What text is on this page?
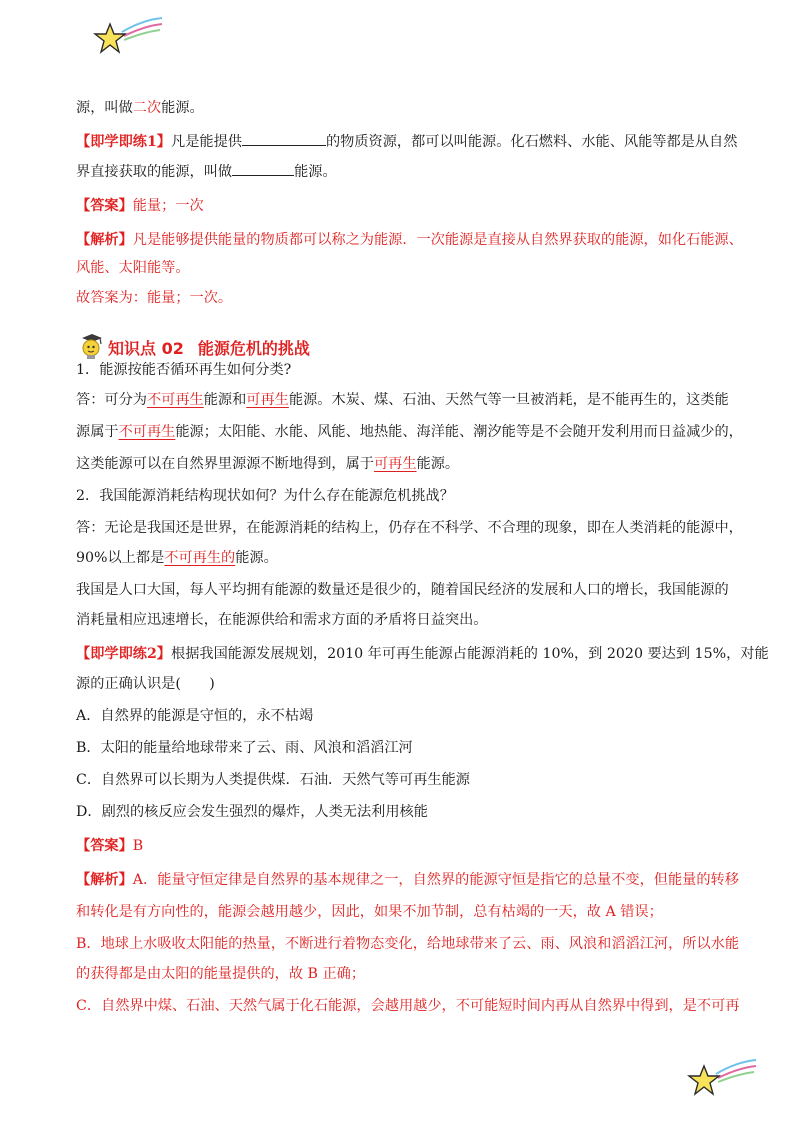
源，叫做二次能源。
【即学即练1】凡是能提供	的物质资源，都可以叫能源。化石燃料、水能、风能等都是从自然
界直接获取的能源，叫做	能源。
【答案】能量；一次
【解析】凡是能够提供能量的物质都可以称之为能源．一次能源是直接从自然界获取的能源，如化石能源、
风能、太阳能等。
故答案为：能量；一次。
知识点 02 能源危机的挑战
1．能源按能否循环再生如何分类?
答：可分为不可再生能源和可再生能源。木炭、煤、石油、天然气等一旦被消耗，是不能再生的，这类能
源属于不可再生能源；太阳能、水能、风能、地热能、海洋能、潮汐能等是不会随开发利用而日益减少的，
这类能源可以在自然界里源源不断地得到，属于可再生能源。
2．我国能源消耗结构现状如何？为什么存在能源危机挑战？
答：无论是我国还是世界，在能源消耗的结构上，仍存在不科学、不合理的现象，即在人类消耗的能源中，
90%以上都是不可再生的能源。
我国是人口大国，每人平均拥有能源的数量还是很少的，随着国民经济的发展和人口的增长，我国能源的
消耗量相应迅速增长，在能源供给和需求方面的矛盾将日益突出。
【即学即练2】根据我国能源发展规划，2010 年可再生能源占能源消耗的 10%，到 2020 要达到 15%，对能
源的正确认识是(　　)
A．自然界的能源是守恒的，永不枯竭
B．太阳的能量给地球带来了云、雨、风浪和滔滔江河
C．自然界可以长期为人类提供煤．石油．天然气等可再生能源
D．剧烈的核反应会发生强烈的爆炸，人类无法利用核能
【答案】B
【解析】A．能量守恒定律是自然界的基本规律之一，自然界的能源守恒是指它的总量不变，但能量的转移
和转化是有方向性的，能源会越用越少，因此，如果不加节制，总有枯竭的一天，故 A 错误；
B．地球上水吸收太阳能的热量，不断进行着物态变化，给地球带来了云、雨、风浪和滔滔江河，所以水能
的获得都是由太阳的能量提供的，故 B 正确；
C．自然界中煤、石油、天然气属于化石能源，会越用越少，不可能短时间内再从自然界中得到，是不可再
